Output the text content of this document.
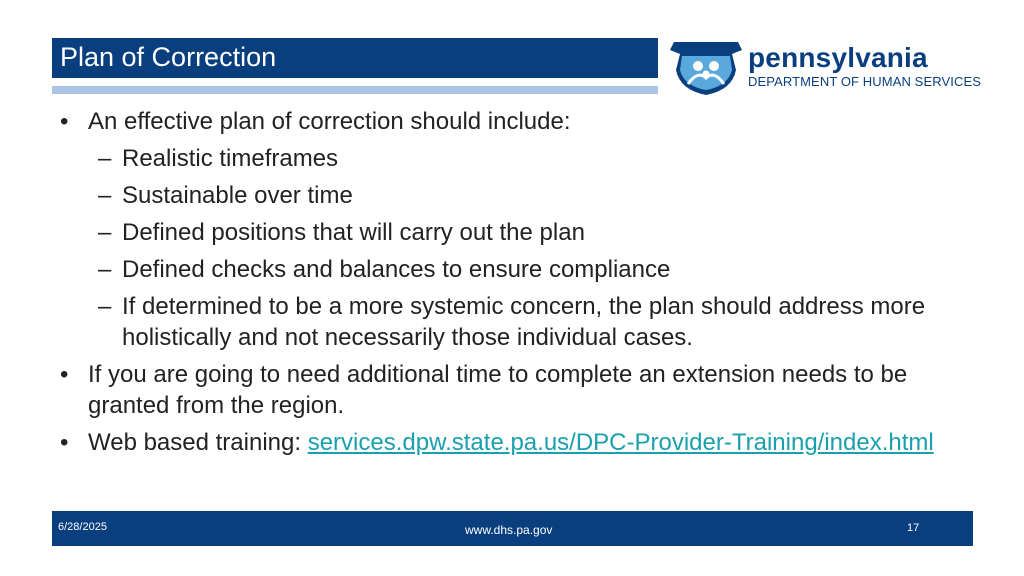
Plan of Correction	pennsylvania
DEPARTMENT OF HUMAN SERVICES
• An effective plan of correction should include:
– Realistic timeframes
– Sustainable over time
– Defined positions that will carry out the plan
– Defined checks and balances to ensure compliance
– If determined to be a more systemic concern, the plan should address more holistically and not necessarily those individual cases.
• If you are going to need additional time to complete an extension needs to be granted from the region.
• Web based training: services.dpw.state.pa.us/DPC-Provider-Training/index.html
6/28/2025	www.dhs.pa.gov	17
